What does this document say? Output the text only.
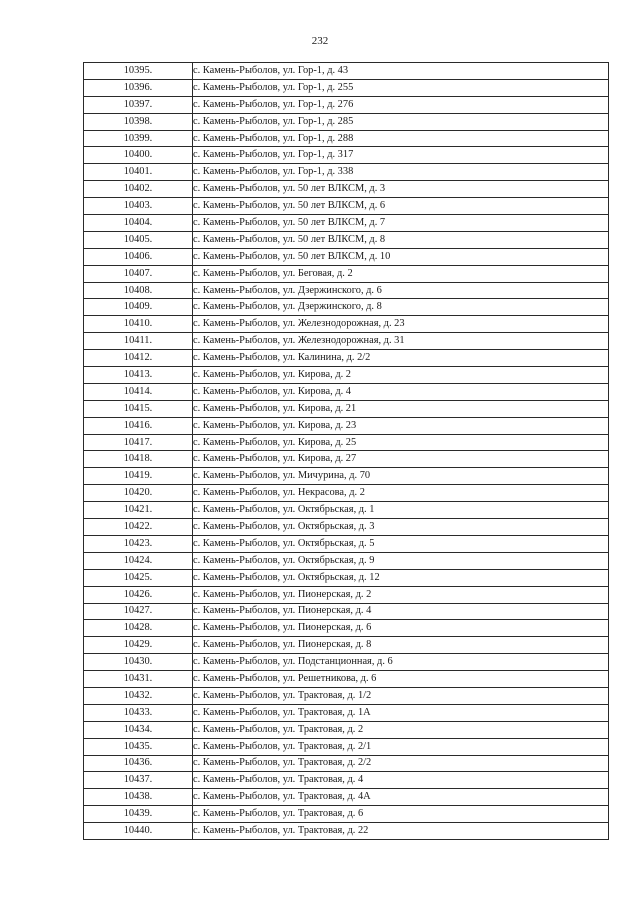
232
10395.	с. Камень-Рыболов, ул. Гор-1, д. 43
10396.	с. Камень-Рыболов, ул. Гор-1, д. 255
10397.	с. Камень-Рыболов, ул. Гор-1, д. 276
10398.	с. Камень-Рыболов, ул. Гор-1, д. 285
10399.	с. Камень-Рыболов, ул. Гор-1, д. 288
10400.	с. Камень-Рыболов, ул. Гор-1, д. 317
10401.	с. Камень-Рыболов, ул. Гор-1, д. 338
10402.	с. Камень-Рыболов, ул. 50 лет ВЛКСМ, д. 3
10403.	с. Камень-Рыболов, ул. 50 лет ВЛКСМ, д. 6
10404.	с. Камень-Рыболов, ул. 50 лет ВЛКСМ, д. 7
10405.	с. Камень-Рыболов, ул. 50 лет ВЛКСМ, д. 8
10406.	с. Камень-Рыболов, ул. 50 лет ВЛКСМ, д. 10
10407.	с. Камень-Рыболов, ул. Беговая, д. 2
10408.	с. Камень-Рыболов, ул. Дзержинского, д. 6
10409.	с. Камень-Рыболов, ул. Дзержинского, д. 8
10410.	с. Камень-Рыболов, ул. Железнодорожная, д. 23
10411.	с. Камень-Рыболов, ул. Железнодорожная, д. 31
10412.	с. Камень-Рыболов, ул. Калинина, д. 2/2
10413.	с. Камень-Рыболов, ул. Кирова, д. 2
10414.	с. Камень-Рыболов, ул. Кирова, д. 4
10415.	с. Камень-Рыболов, ул. Кирова, д. 21
10416.	с. Камень-Рыболов, ул. Кирова, д. 23
10417.	с. Камень-Рыболов, ул. Кирова, д. 25
10418.	с. Камень-Рыболов, ул. Кирова, д. 27
10419.	с. Камень-Рыболов, ул. Мичурина, д. 70
10420.	с. Камень-Рыболов, ул. Некрасова, д. 2
10421.	с. Камень-Рыболов, ул. Октябрьская, д. 1
10422.	с. Камень-Рыболов, ул. Октябрьская, д. 3
10423.	с. Камень-Рыболов, ул. Октябрьская, д. 5
10424.	с. Камень-Рыболов, ул. Октябрьская, д. 9
10425.	с. Камень-Рыболов, ул. Октябрьская, д. 12
10426.	с. Камень-Рыболов, ул. Пионерская, д. 2
10427.	с. Камень-Рыболов, ул. Пионерская, д. 4
10428.	с. Камень-Рыболов, ул. Пионерская, д. 6
10429.	с. Камень-Рыболов, ул. Пионерская, д. 8
10430.	с. Камень-Рыболов, ул. Подстанционная, д. 6
10431.	с. Камень-Рыболов, ул. Решетникова, д. 6
10432.	с. Камень-Рыболов, ул. Трактовая, д. 1/2
10433.	с. Камень-Рыболов, ул. Трактовая, д. 1А
10434.	с. Камень-Рыболов, ул. Трактовая, д. 2
10435.	с. Камень-Рыболов, ул. Трактовая, д. 2/1
10436.	с. Камень-Рыболов, ул. Трактовая, д. 2/2
10437.	с. Камень-Рыболов, ул. Трактовая, д. 4
10438.	с. Камень-Рыболов, ул. Трактовая, д. 4А
10439.	с. Камень-Рыболов, ул. Трактовая, д. 6
10440.	с. Камень-Рыболов, ул. Трактовая, д. 22
